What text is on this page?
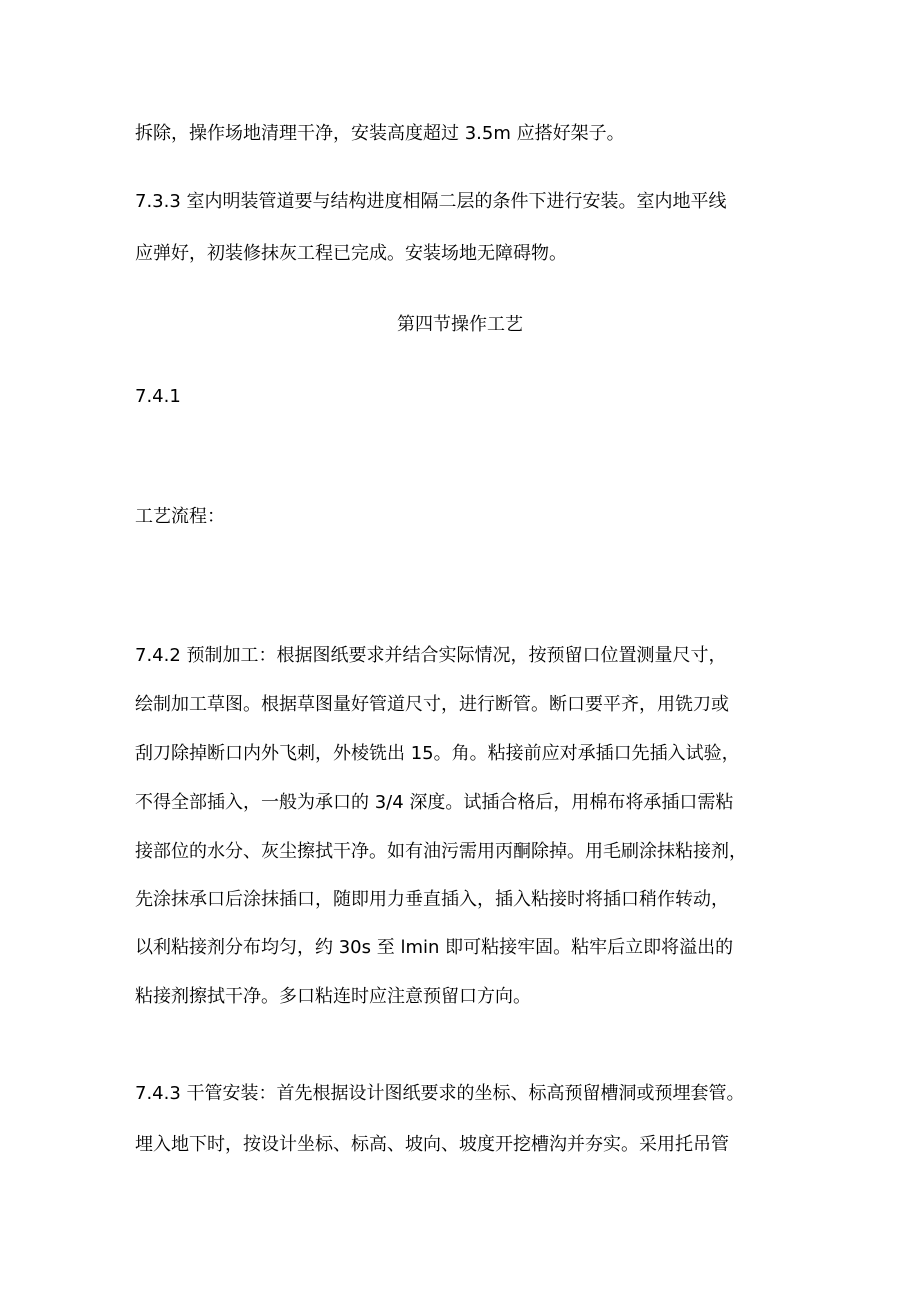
拆除，操作场地清理干净，安装高度超过 3.5m 应搭好架子。
7.3.3 室内明装管道要与结构进度相隔二层的条件下进行安装。室内地平线
应弹好，初装修抹灰工程已完成。安装场地无障碍物。
第四节操作工艺
7.4.1
工艺流程：
7.4.2 预制加工：根据图纸要求并结合实际情况，按预留口位置测量尺寸，
绘制加工草图。根据草图量好管道尺寸，进行断管。断口要平齐，用铣刀或
刮刀除掉断口内外飞刺，外棱铣出 15。角。粘接前应对承插口先插入试验，
不得全部插入，一般为承口的 3/4 深度。试插合格后，用棉布将承插口需粘
接部位的水分、灰尘擦拭干净。如有油污需用丙酮除掉。用毛刷涂抹粘接剂，
先涂抹承口后涂抹插口，随即用力垂直插入，插入粘接时将插口稍作转动，
以利粘接剂分布均匀，约 30s 至 lmin 即可粘接牢固。粘牢后立即将溢出的
粘接剂擦拭干净。多口粘连时应注意预留口方向。
7.4.3 干管安装：首先根据设计图纸要求的坐标、标高预留槽洞或预埋套管。
埋入地下时，按设计坐标、标高、坡向、坡度开挖槽沟并夯实。采用托吊管
